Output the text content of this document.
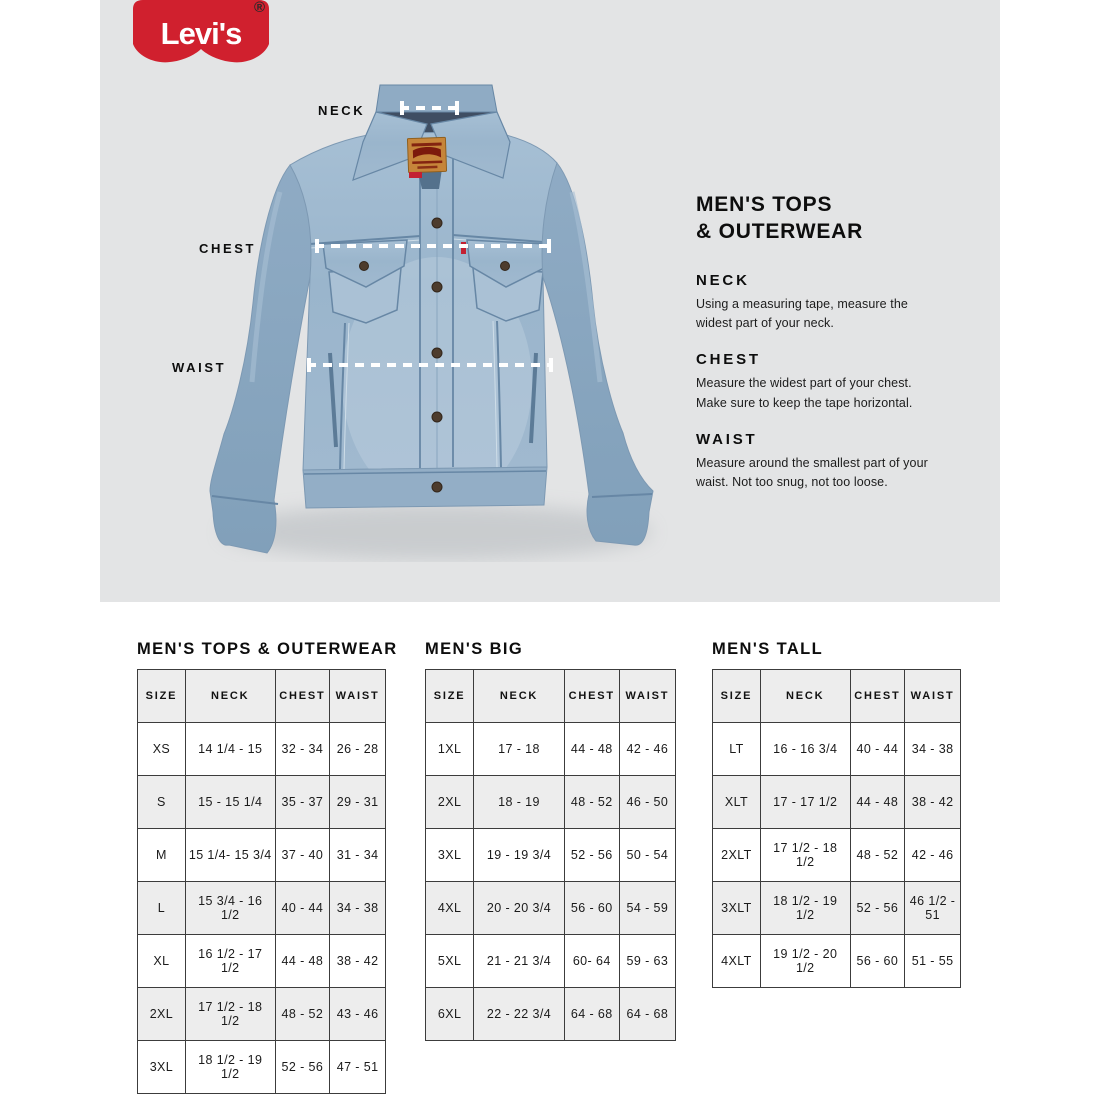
Levi's
®
NECK
CHEST
WAIST
MEN'S TOPS
& OUTERWEAR
NECK

Using a measuring tape, measure the widest part of your neck.

CHEST

Measure the widest part of your chest. Make sure to keep the tape horizontal.

WAIST

Measure around the smallest part of your waist. Not too snug, not too loose.

MEN'S TOPS & OUTERWEAR
SIZE	NECK	CHEST	WAIST
XS	14 1/4 - 15	32 - 34	26 - 28
S	15 - 15 1/4	35 - 37	29 - 31
M	15 1/4- 15 3/4	37 - 40	31 - 34
L	15 3/4 - 16 1/2	40 - 44	34 - 38
XL	16 1/2 - 17 1/2	44 - 48	38 - 42
2XL	17 1/2 - 18 1/2	48 - 52	43 - 46
3XL	18 1/2 - 19 1/2	52 - 56	47 - 51
MEN'S BIG
SIZE	NECK	CHEST	WAIST
1XL	17 - 18	44 - 48	42 - 46
2XL	18 - 19	48 - 52	46 - 50
3XL	19 - 19 3/4	52 - 56	50 - 54
4XL	20 - 20 3/4	56 - 60	54 - 59
5XL	21 - 21 3/4	60- 64	59 - 63
6XL	22 - 22 3/4	64 - 68	64 - 68
MEN'S TALL
SIZE	NECK	CHEST	WAIST
LT	16 - 16 3/4	40 - 44	34 - 38
XLT	17 - 17 1/2	44 - 48	38 - 42
2XLT	17 1/2 - 18 1/2	48 - 52	42 - 46
3XLT	18 1/2 - 19 1/2	52 - 56	46 1/2 - 51
4XLT	19 1/2 - 20 1/2	56 - 60	51 - 55
